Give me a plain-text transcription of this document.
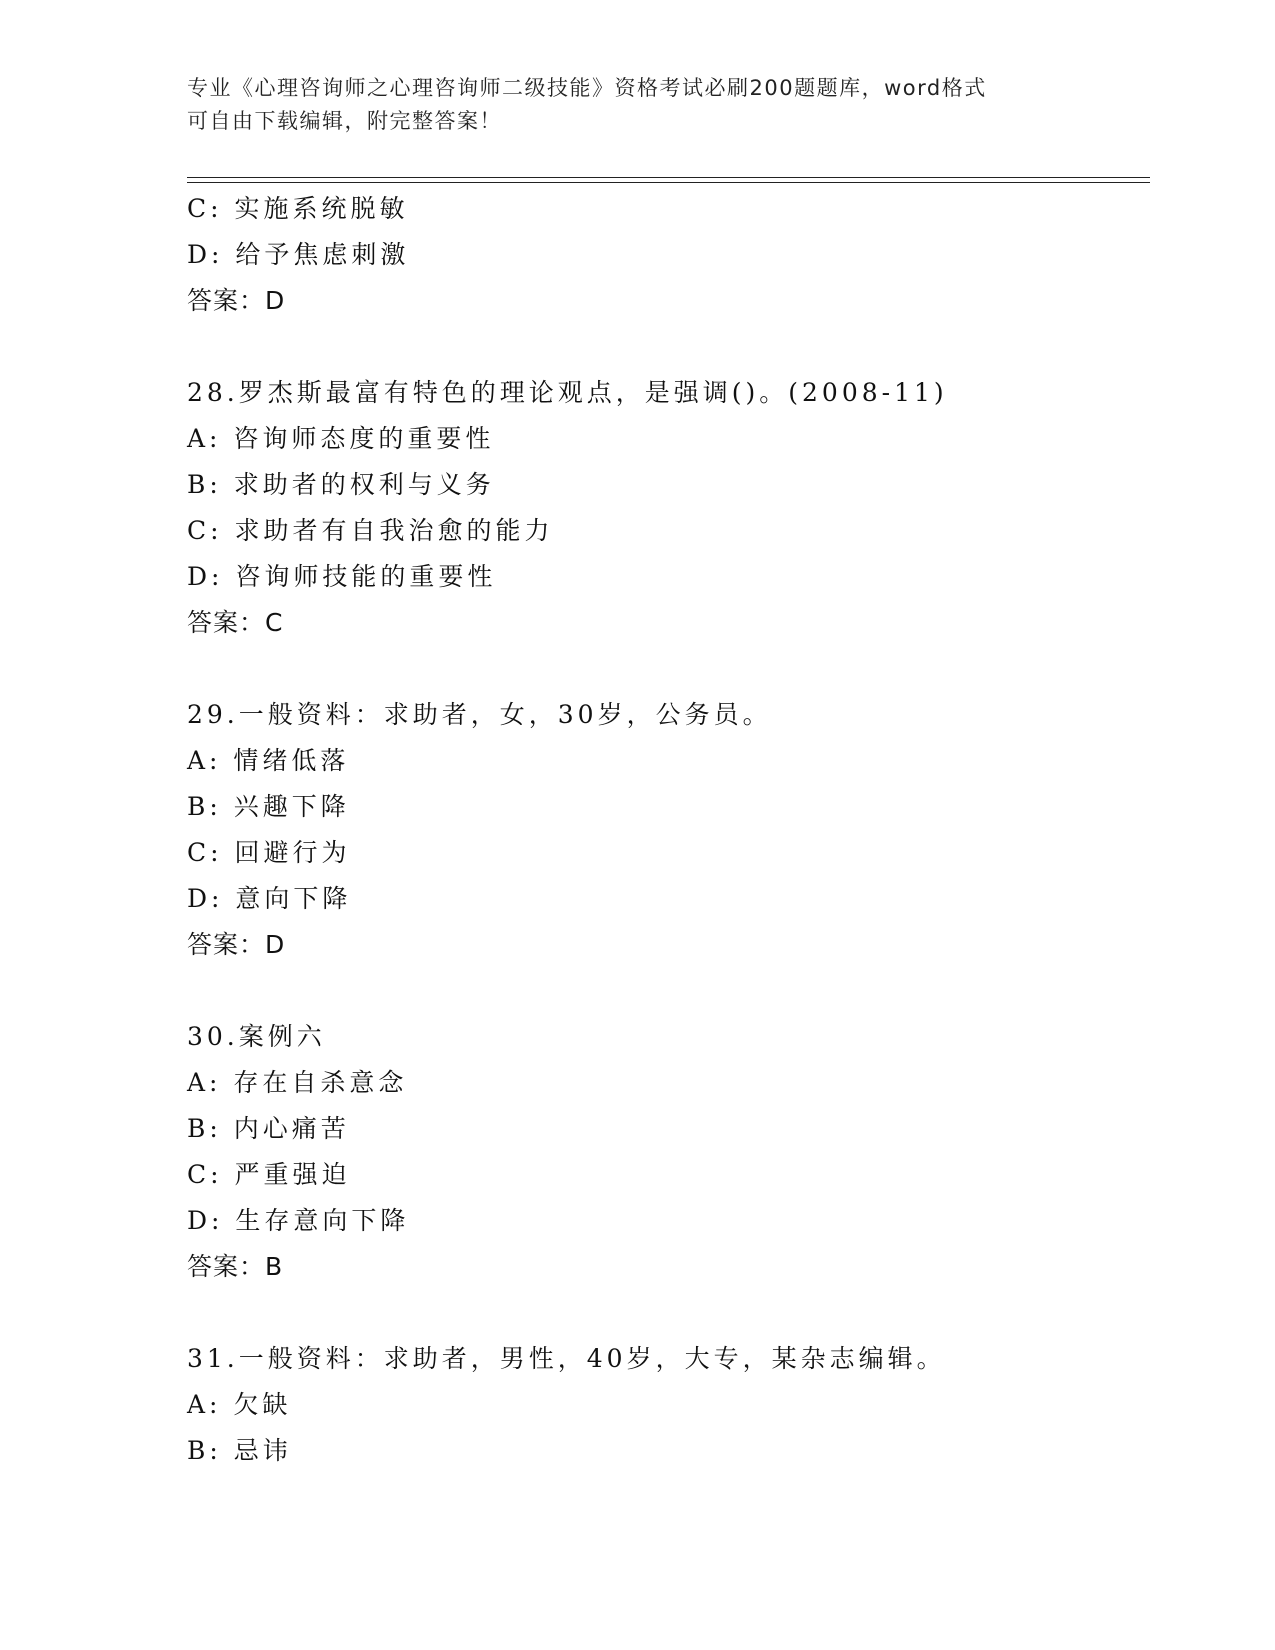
专业《心理咨询师之心理咨询师二级技能》资格考试必刷200题题库，word格式
可自由下载编辑，附完整答案！
C: 实施系统脱敏
D: 给予焦虑刺激
答案：D
28.罗杰斯最富有特色的理论观点，是强调()。(2008-11)
A: 咨询师态度的重要性
B: 求助者的权利与义务
C: 求助者有自我治愈的能力
D: 咨询师技能的重要性
答案：C
29.一般资料：求助者，女，30岁，公务员。
A: 情绪低落
B: 兴趣下降
C: 回避行为
D: 意向下降
答案：D
30.案例六
A: 存在自杀意念
B: 内心痛苦
C: 严重强迫
D: 生存意向下降
答案：B
31.一般资料：求助者，男性，40岁，大专，某杂志编辑。
A: 欠缺
B: 忌讳
